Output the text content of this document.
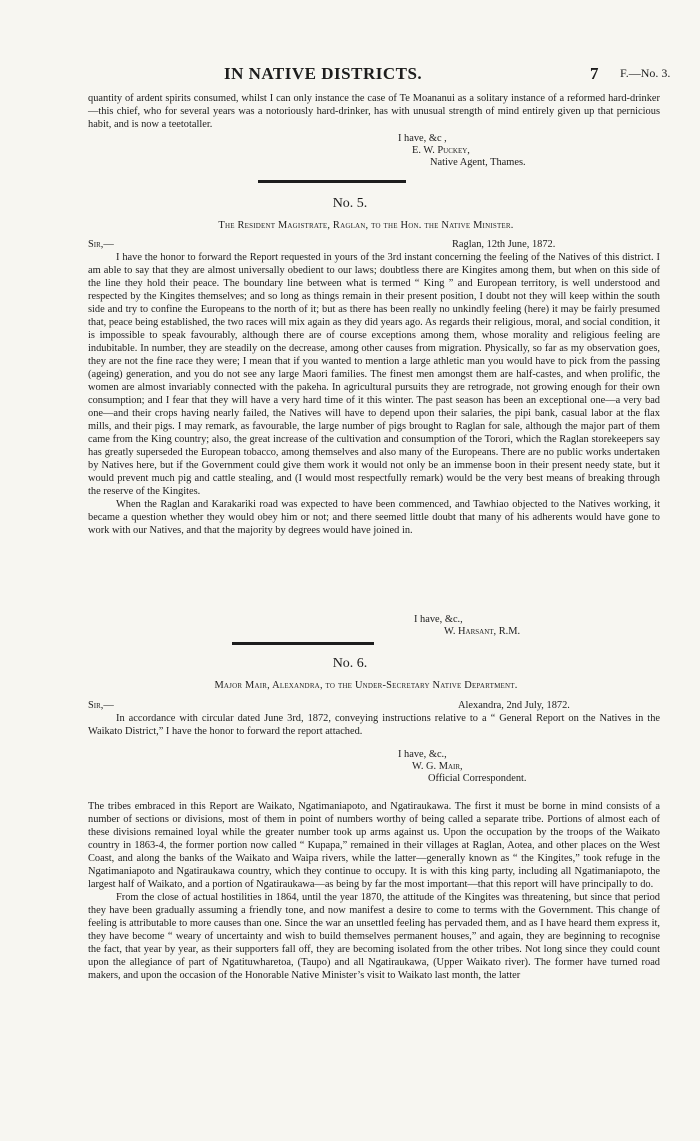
IN NATIVE DISTRICTS.	7 F.—No. 3.

quantity of ardent spirits consumed, whilst I can only instance the case of Te Moananui as a solitary instance of a reformed hard-drinker—this chief, who for several years was a notoriously hard-drinker, has with unusual strength of mind entirely given up that pernicious habit, and is now a teetotaller.

I have, &c ,
E. W. Puckey,
Native Agent, Thames.
No. 5.
The Resident Magistrate, Raglan, to the Hon. the Native Minister.
Sir,—	Raglan, 12th June, 1872.

I have the honor to forward the Report requested in yours of the 3rd instant concerning the feeling of the Natives of this district. I am able to say that they are almost universally obedient to our laws; doubtless there are Kingites among them, but when on this side of the line they hold their peace. The boundary line between what is termed “ King ” and European territory, is well understood and respected by the Kingites themselves; and so long as things remain in their present position, I doubt not they will keep within the south side and try to confine the Europeans to the north of it; but as there has been really no unkindly feeling (here) it may be fairly presumed that, peace being established, the two races will mix again as they did years ago. As regards their religious, moral, and social condition, it is impossible to speak favourably, although there are of course exceptions among them, whose morality and religious feeling are indubitable. In number, they are steadily on the decrease, among other causes from migration. Physically, so far as my observation goes, they are not the fine race they were; I mean that if you wanted to mention a large athletic man you would have to pick from the passing (ageing) generation, and you do not see any large Maori families. The finest men amongst them are half-castes, and when prolific, the women are almost invariably connected with the pakeha. In agricultural pursuits they are retrograde, not growing enough for their own consumption; and I fear that they will have a very hard time of it this winter. The past season has been an exceptional one—a very bad one—and their crops having nearly failed, the Natives will have to depend upon their salaries, the pipi bank, casual labor at the flax mills, and their pigs. I may remark, as favourable, the large number of pigs brought to Raglan for sale, although the major part of them came from the King country; also, the great increase of the cultivation and consumption of the Torori, which the Raglan storekeepers say has greatly superseded the European tobacco, among themselves and also many of the Europeans. There are no public works undertaken by Natives here, but if the Government could give them work it would not only be an immense boon in their present needy state, but it would prevent much pig and cattle stealing, and (I would most respectfully remark) would be the very best means of breaking through the reserve of the Kingites.

When the Raglan and Karakariki road was expected to have been commenced, and Tawhiao objected to the Natives working, it became a question whether they would obey him or not; and there seemed little doubt that many of his adherents would have gone to work with our Natives, and that the majority by degrees would have joined in.

I have, &c.,
W. Harsant, R.M.
No. 6.
Major Mair, Alexandra, to the Under-Secretary Native Department.
Sir,—	Alexandra, 2nd July, 1872.

In accordance with circular dated June 3rd, 1872, conveying instructions relative to a “ General Report on the Natives in the Waikato District,” I have the honor to forward the report attached.

I have, &c.,
W. G. Mair,
Official Correspondent.

The tribes embraced in this Report are Waikato, Ngatimaniapoto, and Ngatiraukawa. The first it must be borne in mind consists of a number of sections or divisions, most of them in point of numbers worthy of being called a separate tribe. Portions of almost each of these divisions remained loyal while the greater number took up arms against us. Upon the occupation by the troops of the Waikato country in 1863-4, the former portion now called “ Kupapa,” remained in their villages at Raglan, Aotea, and other places on the West Coast, and along the banks of the Waikato and Waipa rivers, while the latter—generally known as “ the Kingites,” took refuge in the Ngatimaniapoto and Ngatiraukawa country, which they continue to occupy. It is with this king party, including all Ngatimaniapoto, the largest half of Waikato, and a portion of Ngatiraukawa—as being by far the most important—that this report will have principally to do.

From the close of actual hostilities in 1864, until the year 1870, the attitude of the Kingites was threatening, but since that period they have been gradually assuming a friendly tone, and now manifest a desire to come to terms with the Government. This change of feeling is attributable to more causes than one. Since the war an unsettled feeling has pervaded them, and as I have heard them express it, they have become “ weary of uncertainty and wish to build themselves permanent houses,” and again, they are beginning to recognise the fact, that year by year, as their supporters fall off, they are becoming isolated from the other tribes. Not long since they could count upon the allegiance of part of Ngatituwharetoa, (Taupo) and all Ngatiraukawa, (Upper Waikato river). The former have turned road makers, and upon the occasion of the Honorable Native Minister’s visit to Waikato last month, the latter
